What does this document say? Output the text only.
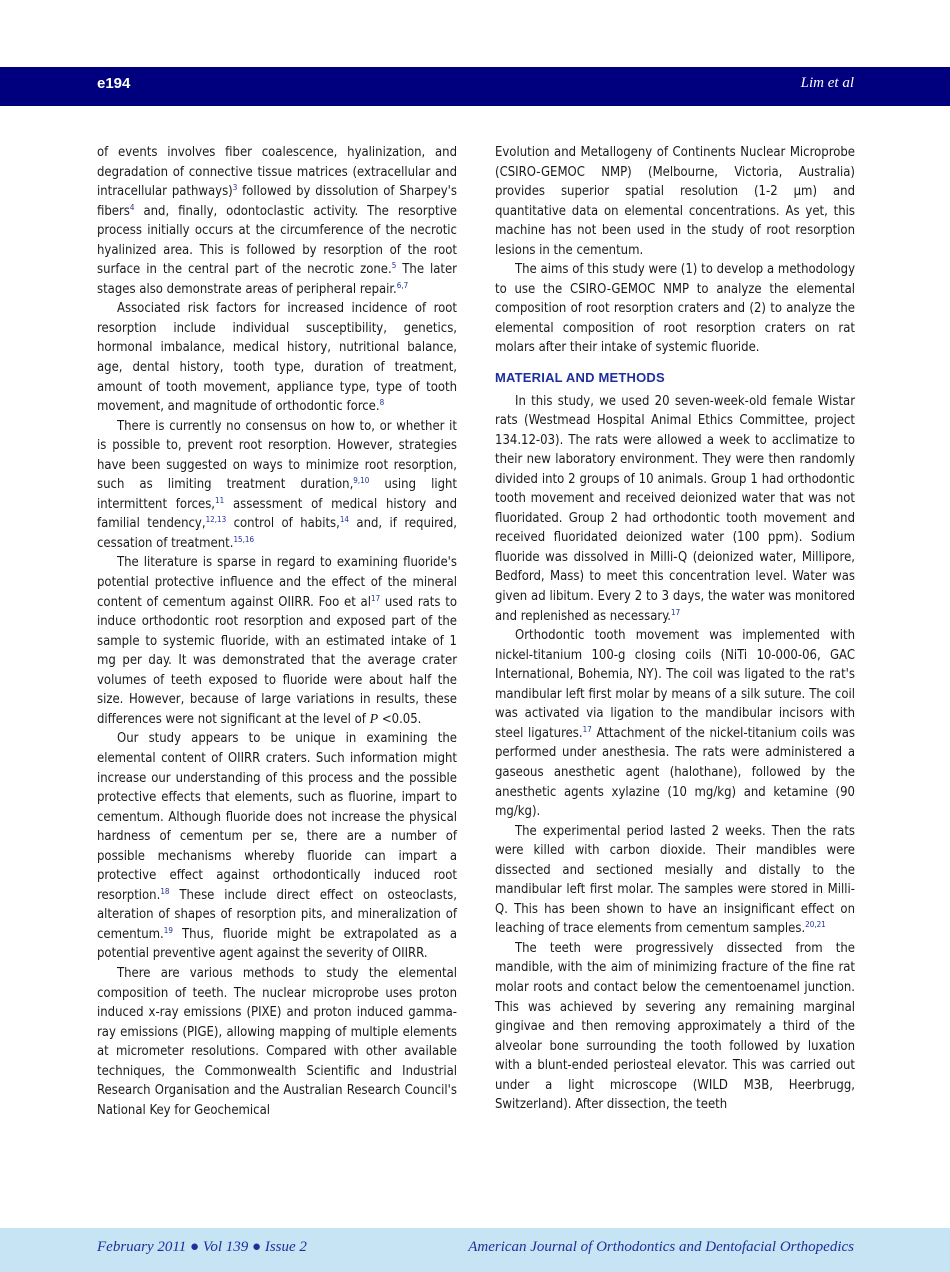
e194	Lim et al

of events involves fiber coalescence, hyalinization, and degradation of connective tissue matrices (extracellular and intracellular pathways)$^3$ followed by dissolution of Sharpey's fibers$^4$ and, finally, odontoclastic activity. The resorptive process initially occurs at the circumference of the necrotic hyalinized area. This is followed by resorption of the root surface in the central part of the necrotic zone.$^5$ The later stages also demonstrate areas of peripheral repair.$^{6,7}$

Associated risk factors for increased incidence of root resorption include individual susceptibility, genetics, hormonal imbalance, medical history, nutritional balance, age, dental history, tooth type, duration of treatment, amount of tooth movement, appliance type, type of tooth movement, and magnitude of orthodontic force.$^8$

There is currently no consensus on how to, or whether it is possible to, prevent root resorption. However, strategies have been suggested on ways to minimize root resorption, such as limiting treatment duration,$^{9,10}$ using light intermittent forces,$^{11}$ assessment of medical history and familial tendency,$^{12,13}$ control of habits,$^{14}$ and, if required, cessation of treatment.$^{15,16}$

The literature is sparse in regard to examining fluoride's potential protective influence and the effect of the mineral content of cementum against OIIRR. Foo et $al^{17}$ used rats to induce orthodontic root resorption and exposed part of the sample to systemic fluoride, with an estimated intake of 1 mg per day. It was demonstrated that the average crater volumes of teeth exposed to fluoride were about half the size. However, because of large variations in results, these differences were not significant at the level of P <0.05.

Our study appears to be unique in examining the elemental content of OIIRR craters. Such information might increase our understanding of this process and the possible protective effects that elements, such as fluorine, impart to cementum. Although fluoride does not increase the physical hardness of cementum per se, there are a number of possible mechanisms whereby fluoride can impart a protective effect against orthodontically induced root resorption.$^{18}$ These include direct effect on osteoclasts, alteration of shapes of resorption pits, and mineralization of cementum.$^{19}$ Thus, fluoride might be extrapolated as a potential preventive agent against the severity of OIIRR.

There are various methods to study the elemental composition of teeth. The nuclear microprobe uses proton induced x-ray emissions (PIXE) and proton induced gamma-ray emissions (PIGE), allowing mapping of multiple elements at micrometer resolutions. Compared with other available techniques, the Commonwealth Scientific and Industrial Research Organisation and the Australian Research Council's National Key for Geochemical

Evolution and Metallogeny of Continents Nuclear Microprobe (CSIRO-GEMOC NMP) (Melbourne, Victoria, Australia) provides superior spatial resolution (1-2 μm) and quantitative data on elemental concentrations. As yet, this machine has not been used in the study of root resorption lesions in the cementum.

The aims of this study were (1) to develop a methodology to use the CSIRO-GEMOC NMP to analyze the elemental composition of root resorption craters and (2) to analyze the elemental composition of root resorption craters on rat molars after their intake of systemic fluoride.

MATERIAL AND METHODS

In this study, we used 20 seven-week-old female Wistar rats (Westmead Hospital Animal Ethics Committee, project 134.12-03). The rats were allowed a week to acclimatize to their new laboratory environment. They were then randomly divided into 2 groups of 10 animals. Group 1 had orthodontic tooth movement and received deionized water that was not fluoridated. Group 2 had orthodontic tooth movement and received fluoridated deionized water (100 ppm). Sodium fluoride was dissolved in Milli-Q (deionized water, Millipore, Bedford, Mass) to meet this concentration level. Water was given ad libitum. Every 2 to 3 days, the water was monitored and replenished as necessary.$^{17}$

Orthodontic tooth movement was implemented with nickel-titanium 100-g closing coils (NiTi 10-000-06, GAC International, Bohemia, NY). The coil was ligated to the rat's mandibular left first molar by means of a silk suture. The coil was activated via ligation to the mandibular incisors with steel ligatures.$^{17}$ Attachment of the nickel-titanium coils was performed under anesthesia. The rats were administered a gaseous anesthetic agent (halothane), followed by the anesthetic agents xylazine (10 mg/kg) and ketamine (90 mg/kg).

The experimental period lasted 2 weeks. Then the rats were killed with carbon dioxide. Their mandibles were dissected and sectioned mesially and distally to the mandibular left first molar. The samples were stored in Milli-Q. This has been shown to have an insignificant effect on leaching of trace elements from cementum samples.$^{20,21}$

The teeth were progressively dissected from the mandible, with the aim of minimizing fracture of the fine rat molar roots and contact below the cementoenamel junction. This was achieved by severing any remaining marginal gingivae and then removing approximately a third of the alveolar bone surrounding the tooth followed by luxation with a blunt-ended periosteal elevator. This was carried out under a light microscope (WILD M3B, Heerbrugg, Switzerland). After dissection, the teeth

February 2011 ● Vol 139 ● Issue 2	American Journal of Orthodontics and Dentofacial Orthopedics
